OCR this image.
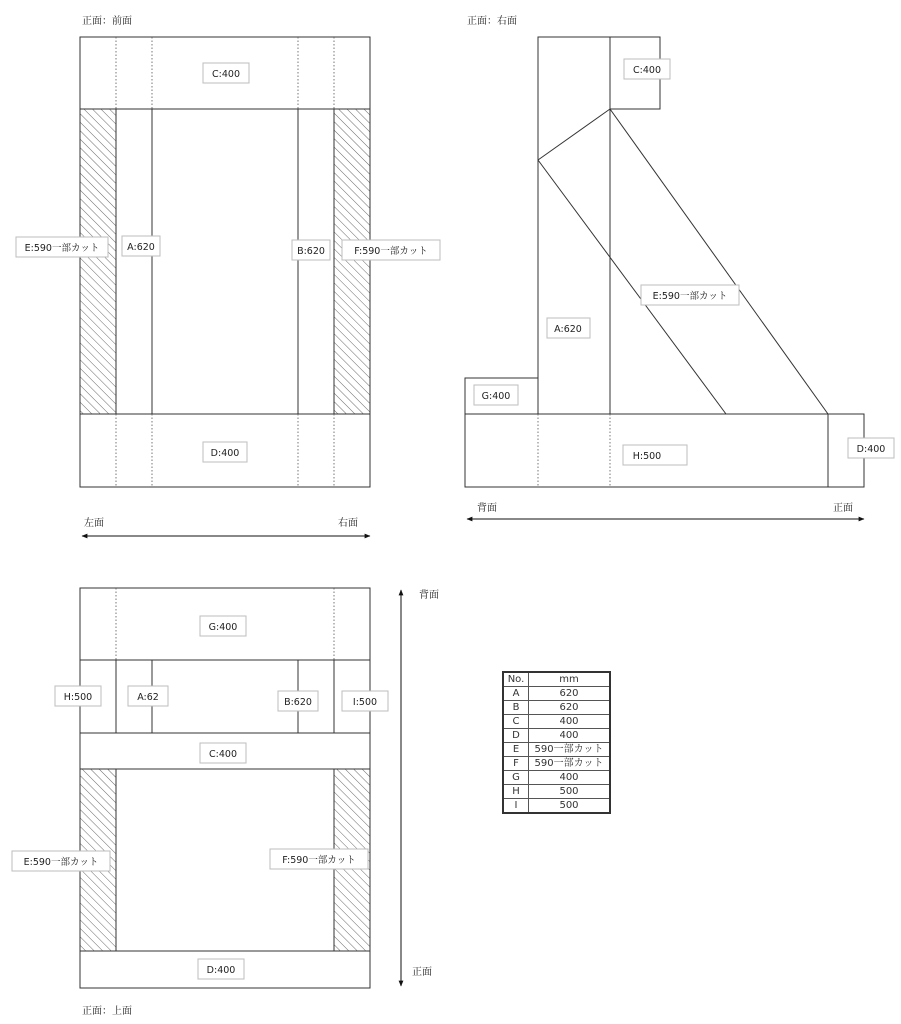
正面：前面
C:400
A:620	B:620
E:590一部カット	F:590一部カット
D:400
左面	右面
正面：右面
C:400
E:590一部カット
A:620
G:400
H:500
D:400
背面	正面
G:400
H:500	A:62	B:620	I:500
C:400
E:590一部カット	F:590一部カット
D:400
背面
正面
正面：上面
No.	mm
A	620
B	620
C	400
D	400
E	590一部カット
F	590一部カット
G	400
H	500
I	500
